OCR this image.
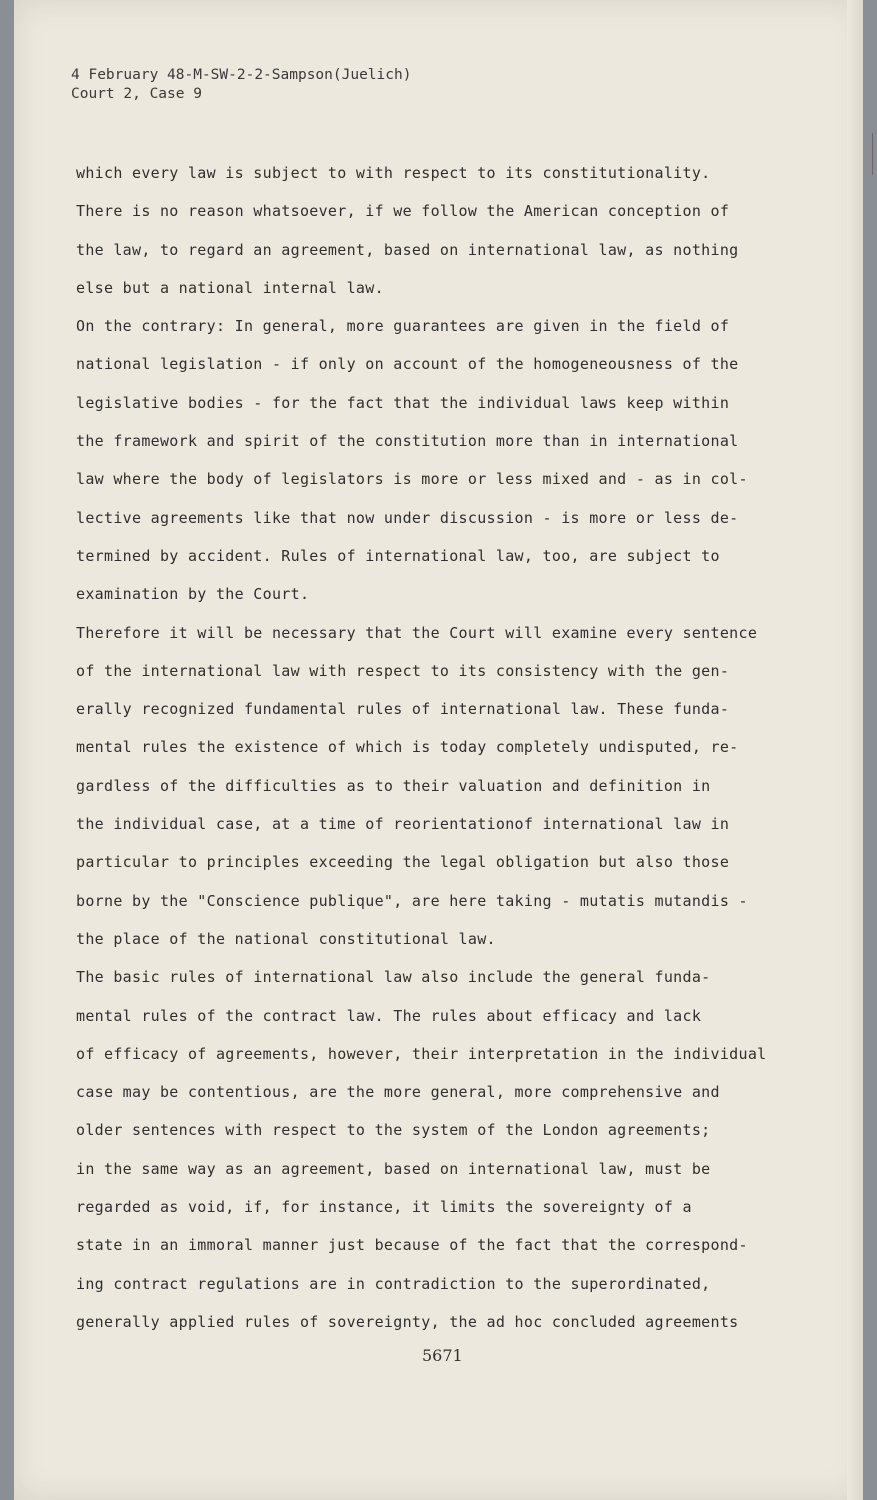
4 February 48-M-SW-2-2-Sampson(Juelich)
Court 2, Case 9
which every law is subject to with respect to its constitutionality.
There is no reason whatsoever, if we follow the American conception of
the law, to regard an agreement, based on international law, as nothing
else but a national internal law.
On the contrary: In general, more guarantees are given in the field of
national legislation - if only on account of the homogeneousness of the
legislative bodies - for the fact that the individual laws keep within
the framework and spirit of the constitution more than in international
law where the body of legislators is more or less mixed and - as in col-
lective agreements like that now under discussion - is more or less de-
termined by accident. Rules of international law, too, are subject to
examination by the Court.
Therefore it will be necessary that the Court will examine every sentence
of the international law with respect to its consistency with the gen-
erally recognized fundamental rules of international law. These funda-
mental rules the existence of which is today completely undisputed, re-
gardless of the difficulties as to their valuation and definition in
the individual case, at a time of reorientationof international law in
particular to principles exceeding the legal obligation but also those
borne by the "Conscience publique", are here taking - mutatis mutandis -
the place of the national constitutional law.
The basic rules of international law also include the general funda-
mental rules of the contract law. The rules about efficacy and lack
of efficacy of agreements, however, their interpretation in the individual
case may be contentious, are the more general, more comprehensive and
older sentences with respect to the system of the London agreements;
in the same way as an agreement, based on international law, must be
regarded as void, if, for instance, it limits the sovereignty of a
state in an immoral manner just because of the fact that the correspond-
ing contract regulations are in contradiction to the superordinated,
generally applied rules of sovereignty, the ad hoc concluded agreements
5671
